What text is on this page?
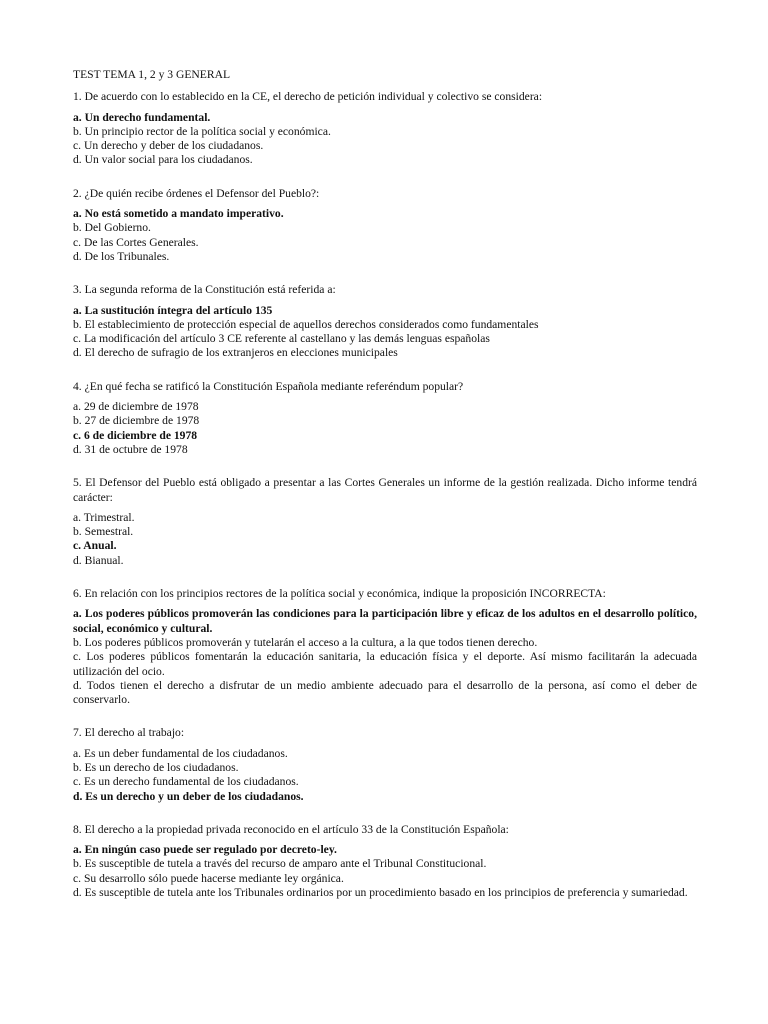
TEST TEMA 1, 2 y 3 GENERAL

1. De acuerdo con lo establecido en la CE, el derecho de petición individual y colectivo se considera:

a. Un derecho fundamental.

b. Un principio rector de la política social y económica.

c. Un derecho y deber de los ciudadanos.

d. Un valor social para los ciudadanos.

2. ¿De quién recibe órdenes el Defensor del Pueblo?:

a. No está sometido a mandato imperativo.

b. Del Gobierno.

c. De las Cortes Generales.

d. De los Tribunales.

3. La segunda reforma de la Constitución está referida a:

a. La sustitución íntegra del artículo 135

b. El establecimiento de protección especial de aquellos derechos considerados como fundamentales

c. La modificación del artículo 3 CE referente al castellano y las demás lenguas españolas

d. El derecho de sufragio de los extranjeros en elecciones municipales

4. ¿En qué fecha se ratificó la Constitución Española mediante referéndum popular?

a. 29 de diciembre de 1978

b. 27 de diciembre de 1978

c. 6 de diciembre de 1978

d. 31 de octubre de 1978

5. El Defensor del Pueblo está obligado a presentar a las Cortes Generales un informe de la gestión realizada. Dicho informe tendrá carácter:

a. Trimestral.

b. Semestral.

c. Anual.

d. Bianual.

6. En relación con los principios rectores de la política social y económica, indique la proposición INCORRECTA:

a. Los poderes públicos promoverán las condiciones para la participación libre y eficaz de los adultos en el desarrollo político, social, económico y cultural.

b. Los poderes públicos promoverán y tutelarán el acceso a la cultura, a la que todos tienen derecho.

c. Los poderes públicos fomentarán la educación sanitaria, la educación física y el deporte. Así mismo facilitarán la adecuada utilización del ocio.

d. Todos tienen el derecho a disfrutar de un medio ambiente adecuado para el desarrollo de la persona, así como el deber de conservarlo.

7. El derecho al trabajo:

a. Es un deber fundamental de los ciudadanos.

b. Es un derecho de los ciudadanos.

c. Es un derecho fundamental de los ciudadanos.

d. Es un derecho y un deber de los ciudadanos.

8. El derecho a la propiedad privada reconocido en el artículo 33 de la Constitución Española:

a. En ningún caso puede ser regulado por decreto-ley.

b. Es susceptible de tutela a través del recurso de amparo ante el Tribunal Constitucional.

c. Su desarrollo sólo puede hacerse mediante ley orgánica.

d. Es susceptible de tutela ante los Tribunales ordinarios por un procedimiento basado en los principios de preferencia y sumariedad.
